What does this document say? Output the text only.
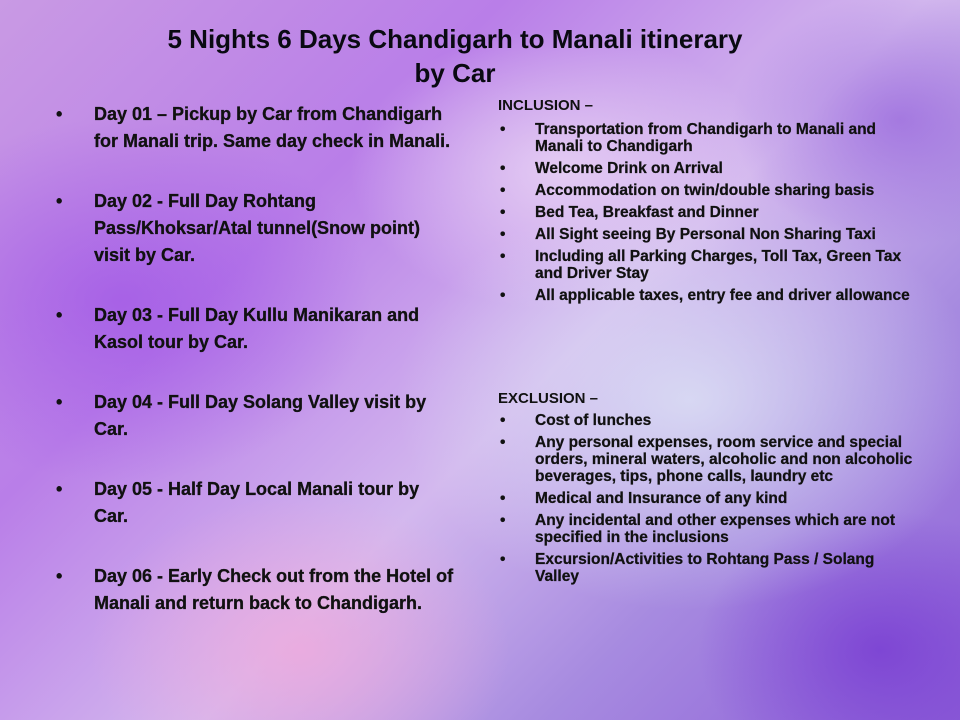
5 Nights 6 Days Chandigarh to Manali itinerary
by Car
• Day 01 – Pickup by Car from Chandigarh for Manali trip. Same day check in Manali.
• Day 02 - Full Day Rohtang Pass/Khoksar/Atal tunnel(Snow point) visit by Car.
• Day 03 - Full Day Kullu Manikaran and Kasol tour by Car.
• Day 04 - Full Day Solang Valley visit by Car.
• Day 05 - Half Day Local Manali tour by Car.
• Day 06 - Early Check out from the Hotel of Manali and return back to Chandigarh.
INCLUSION –
• Transportation from Chandigarh to Manali and Manali to Chandigarh
• Welcome Drink on Arrival
• Accommodation on twin/double sharing basis
• Bed Tea, Breakfast and Dinner
• All Sight seeing By Personal Non Sharing Taxi
• Including all Parking Charges, Toll Tax, Green Tax and Driver Stay
• All applicable taxes, entry fee and driver allowance
EXCLUSION –
• Cost of lunches
• Any personal expenses, room service and special orders, mineral waters, alcoholic and non alcoholic beverages, tips, phone calls, laundry etc
• Medical and Insurance of any kind
• Any incidental and other expenses which are not specified in the inclusions
• Excursion/Activities to Rohtang Pass / Solang Valley
